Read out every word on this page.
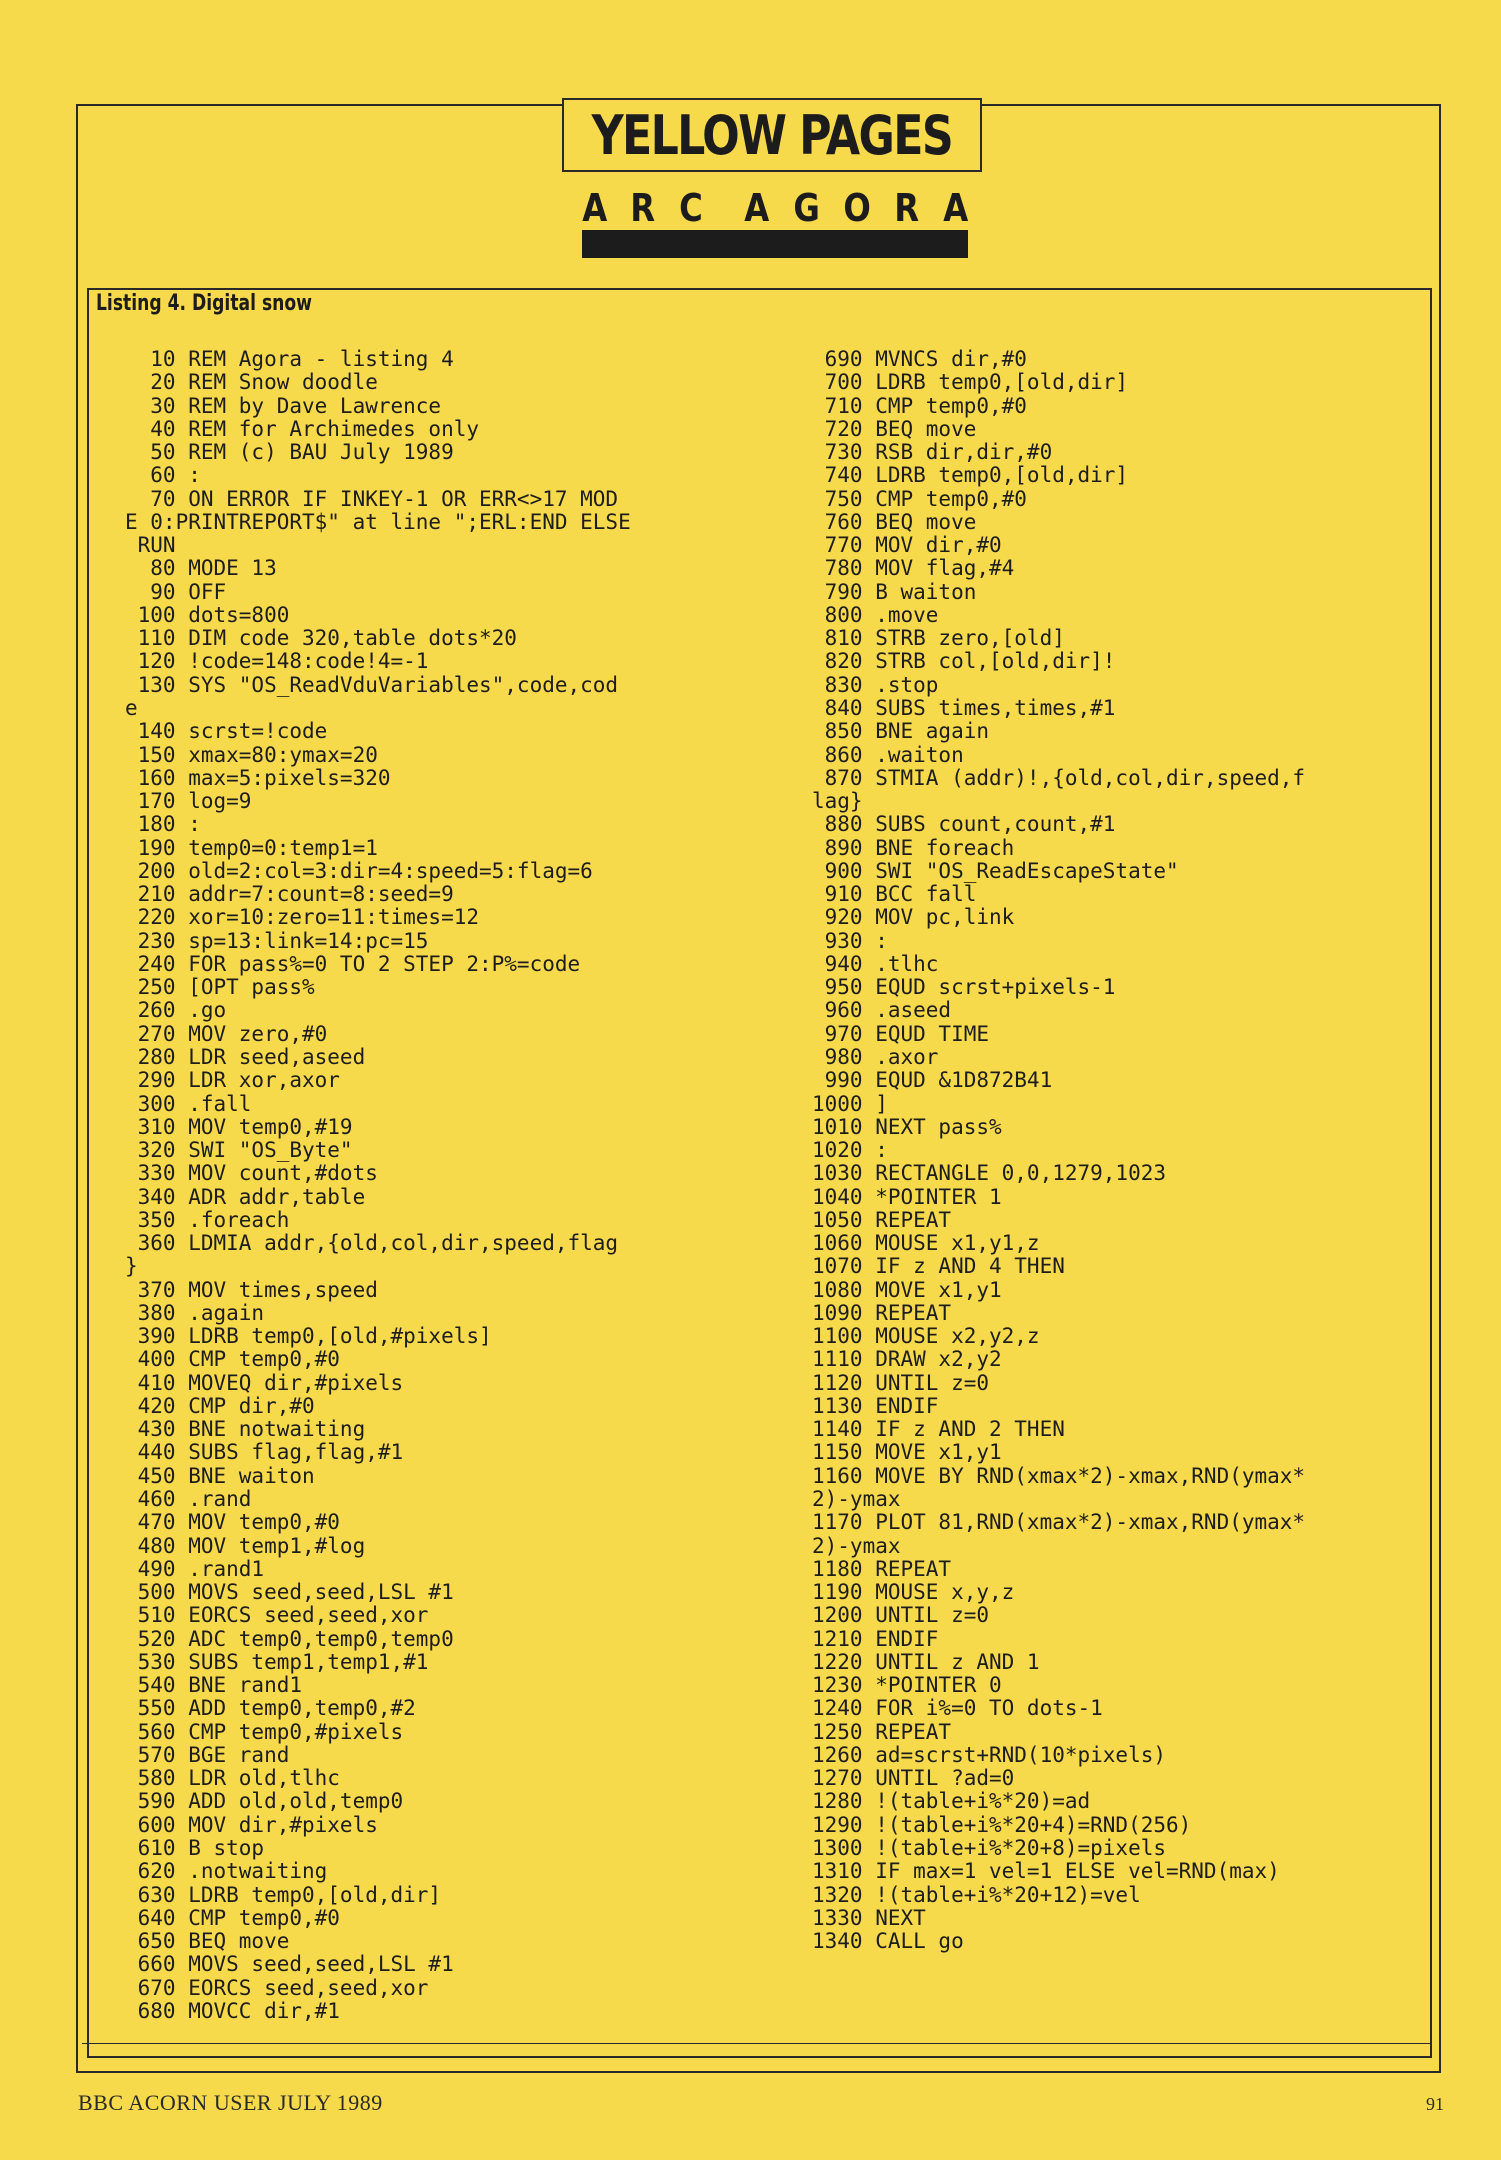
YELLOW PAGES
A R C A G O R A
Listing 4. Digital snow
10 REM Agora - listing 4
20 REM Snow doodle
30 REM by Dave Lawrence
40 REM for Archimedes only
50 REM (c) BAU July 1989
60 :
70 ON ERROR IF INKEY-1 OR ERR<>17 MOD
E 0:PRINTREPORT$" at line ";ERL:END ELSE
RUN
80 MODE 13
90 OFF
100 dots=800
110 DIM code 320,table dots*20
120 !code=148:code!4=-1
130 SYS "OS_ReadVduVariables",code,cod
e
140 scrst=!code
150 xmax=80:ymax=20
160 max=5:pixels=320
170 log=9
180 :
190 temp0=0:temp1=1
200 old=2:col=3:dir=4:speed=5:flag=6
210 addr=7:count=8:seed=9
220 xor=10:zero=11:times=12
230 sp=13:link=14:pc=15
240 FOR pass%=0 TO 2 STEP 2:P%=code
250 [OPT pass%
260 .go
270 MOV zero,#0
280 LDR seed,aseed
290 LDR xor,axor
300 .fall
310 MOV temp0,#19
320 SWI "OS_Byte"
330 MOV count,#dots
340 ADR addr,table
350 .foreach
360 LDMIA addr,{old,col,dir,speed,flag
}
370 MOV times,speed
380 .again
390 LDRB temp0,[old,#pixels]
400 CMP temp0,#0
410 MOVEQ dir,#pixels
420 CMP dir,#0
430 BNE notwaiting
440 SUBS flag,flag,#1
450 BNE waiton
460 .rand
470 MOV temp0,#0
480 MOV temp1,#log
490 .rand1
500 MOVS seed,seed,LSL #1
510 EORCS seed,seed,xor
520 ADC temp0,temp0,temp0
530 SUBS temp1,temp1,#1
540 BNE rand1
550 ADD temp0,temp0,#2
560 CMP temp0,#pixels
570 BGE rand
580 LDR old,tlhc
590 ADD old,old,temp0
600 MOV dir,#pixels
610 B stop
620 .notwaiting
630 LDRB temp0,[old,dir]
640 CMP temp0,#0
650 BEQ move
660 MOVS seed,seed,LSL #1
670 EORCS seed,seed,xor
680 MOVCC dir,#1
690 MVNCS dir,#0
700 LDRB temp0,[old,dir]
710 CMP temp0,#0
720 BEQ move
730 RSB dir,dir,#0
740 LDRB temp0,[old,dir]
750 CMP temp0,#0
760 BEQ move
770 MOV dir,#0
780 MOV flag,#4
790 B waiton
800 .move
810 STRB zero,[old]
820 STRB col,[old,dir]!
830 .stop
840 SUBS times,times,#1
850 BNE again
860 .waiton
870 STMIA (addr)!,{old,col,dir,speed,f
lag}
880 SUBS count,count,#1
890 BNE foreach
900 SWI "OS_ReadEscapeState"
910 BCC fall
920 MOV pc,link
930 :
940 .tlhc
950 EQUD scrst+pixels-1
960 .aseed
970 EQUD TIME
980 .axor
990 EQUD &1D872B41
1000 ]
1010 NEXT pass%
1020 :
1030 RECTANGLE 0,0,1279,1023
1040 *POINTER 1
1050 REPEAT
1060 MOUSE x1,y1,z
1070 IF z AND 4 THEN
1080 MOVE x1,y1
1090 REPEAT
1100 MOUSE x2,y2,z
1110 DRAW x2,y2
1120 UNTIL z=0
1130 ENDIF
1140 IF z AND 2 THEN
1150 MOVE x1,y1
1160 MOVE BY RND(xmax*2)-xmax,RND(ymax*
2)-ymax
1170 PLOT 81,RND(xmax*2)-xmax,RND(ymax*
2)-ymax
1180 REPEAT
1190 MOUSE x,y,z
1200 UNTIL z=0
1210 ENDIF
1220 UNTIL z AND 1
1230 *POINTER 0
1240 FOR i%=0 TO dots-1
1250 REPEAT
1260 ad=scrst+RND(10*pixels)
1270 UNTIL ?ad=0
1280 !(table+i%*20)=ad
1290 !(table+i%*20+4)=RND(256)
1300 !(table+i%*20+8)=pixels
1310 IF max=1 vel=1 ELSE vel=RND(max)
1320 !(table+i%*20+12)=vel
1330 NEXT
1340 CALL go
BBC ACORN USER JULY 1989	91
